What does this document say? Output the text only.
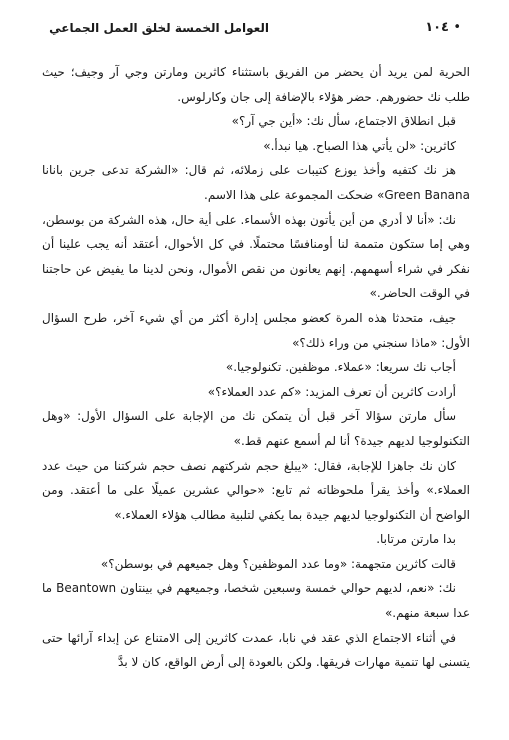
١٠٤ •
العوامل الخمسة لخلق العمل الجماعي

الحرية لمن يريد أن يحضر من الفريق باستثناء كاثرين ومارتن وجي آر وجيف؛ حيث طلب نك حضورهم. حضر هؤلاء بالإضافة إلى جان وكارلوس.

قبل انطلاق الاجتماع، سأل نك: «أين جي آر؟»

كاثرين: «لن يأتي هذا الصباح. هيا نبدأ.»

هز نك كتفيه وأخذ يوزع كتيبات على زملائه، ثم قال: «الشركة تدعى جرين بانانا Green Banana» ضحكت المجموعة على هذا الاسم.

نك: «أنا لا أدري من أين يأتون بهذه الأسماء. على أية حال، هذه الشركة من بوسطن، وهي إما ستكون متممة لنا أومنافسًا محتملًا. في كل الأحوال، أعتقد أنه يجب علينا أن نفكر في شراء أسهمهم. إنهم يعانون من نقص الأموال، ونحن لدينا ما يفيض عن حاجتنا في الوقت الحاضر.»

جيف، متحدثا هذه المرة كعضو مجلس إدارة أكثر من أي شيء آخر، طرح السؤال الأول: «ماذا سنجني من وراء ذلك؟»

أجاب نك سريعا: «عملاء. موظفين. تكنولوجيا.»

أرادت كاثرين أن تعرف المزيد: «كم عدد العملاء؟»

سأل مارتن سؤالا آخر قبل أن يتمكن نك من الإجابة على السؤال الأول: «وهل التكنولوجيا لديهم جيدة؟ أنا لم أسمع عنهم قط.»

كان نك جاهزا للإجابة، فقال: «يبلغ حجم شركتهم نصف حجم شركتنا من حيث عدد العملاء.» وأخذ يقرأ ملحوظاته ثم تابع: «حوالي عشرين عميلًا على ما أعتقد. ومن الواضح أن التكنولوجيا لديهم جيدة بما يكفي لتلبية مطالب هؤلاء العملاء.»

بدا مارتن مرتابا.

قالت كاثرين متجهمة: «وما عدد الموظفين؟ وهل جميعهم في بوسطن؟»

نك: «نعم، لديهم حوالي خمسة وسبعين شخصا، وجميعهم في بينتاون Beantown ما عدا سبعة منهم.»

في أثناء الاجتماع الذي عقد في نابا، عمدت كاثرين إلى الامتناع عن إبداء آرائها حتى يتسنى لها تنمية مهارات فريقها. ولكن بالعودة إلى أرض الواقع، كان لا بدَّ
